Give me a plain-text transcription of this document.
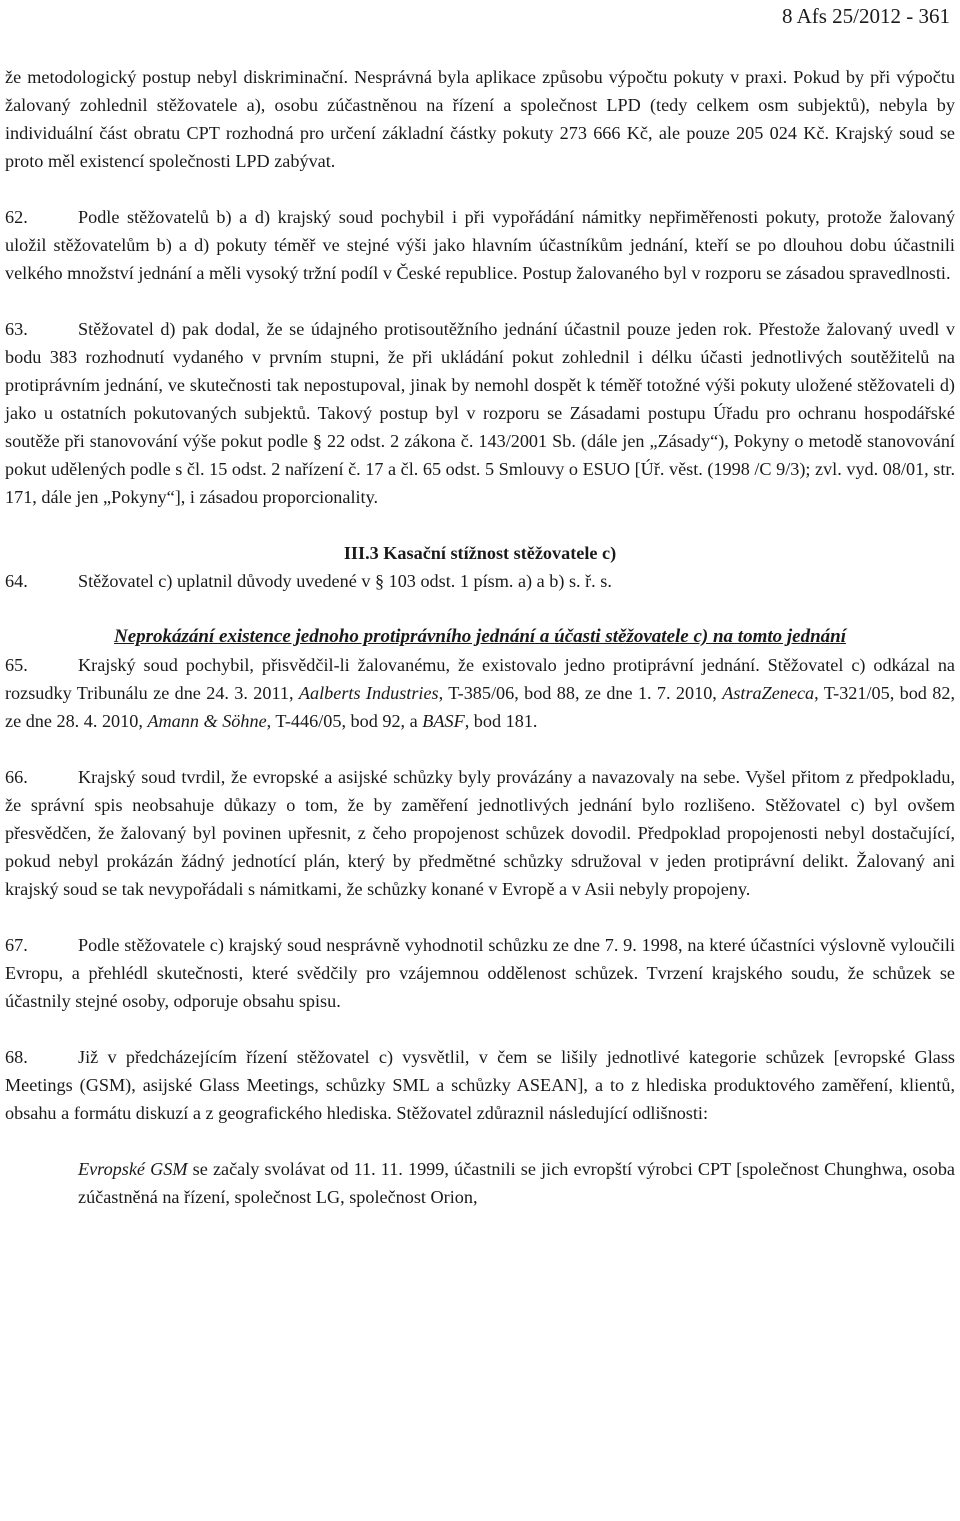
8 Afs 25/2012 - 361

že metodologický postup nebyl diskriminační. Nesprávná byla aplikace způsobu výpočtu pokuty v praxi. Pokud by při výpočtu žalovaný zohlednil stěžovatele a), osobu zúčastněnou na řízení a společnost LPD (tedy celkem osm subjektů), nebyla by individuální část obratu CPT rozhodná pro určení základní částky pokuty 273 666 Kč, ale pouze 205 024 Kč. Krajský soud se proto měl existencí společnosti LPD zabývat.

62.	Podle stěžovatelů b) a d) krajský soud pochybil i při vypořádání námitky nepřiměřenosti pokuty, protože žalovaný uložil stěžovatelům b) a d) pokuty téměř ve stejné výši jako hlavním účastníkům jednání, kteří se po dlouhou dobu účastnili velkého množství jednání a měli vysoký tržní podíl v České republice. Postup žalovaného byl v rozporu se zásadou spravedlnosti.

63.	Stěžovatel d) pak dodal, že se údajného protisoutěžního jednání účastnil pouze jeden rok. Přestože žalovaný uvedl v bodu 383 rozhodnutí vydaného v prvním stupni, že při ukládání pokut zohlednil i délku účasti jednotlivých soutěžitelů na protiprávním jednání, ve skutečnosti tak nepostupoval, jinak by nemohl dospět k téměř totožné výši pokuty uložené stěžovateli d) jako u ostatních pokutovaných subjektů. Takový postup byl v rozporu se Zásadami postupu Úřadu pro ochranu hospodářské soutěže při stanovování výše pokut podle § 22 odst. 2 zákona č. 143/2001 Sb. (dále jen „Zásady“), Pokyny o metodě stanovování pokut udělených podle s čl. 15 odst. 2 nařízení č. 17 a čl. 65 odst. 5 Smlouvy o ESUO [Úř. věst. (1998 /C 9/3); zvl. vyd. 08/01, str. 171, dále jen „Pokyny“], i zásadou proporcionality.

III.3 Kasační stížnost stěžovatele c)

64.	Stěžovatel c) uplatnil důvody uvedené v § 103 odst. 1 písm. a) a b) s. ř. s.

Neprokázání existence jednoho protiprávního jednání a účasti stěžovatele c) na tomto jednání

65.	Krajský soud pochybil, přisvědčil-li žalovanému, že existovalo jedno protiprávní jednání. Stěžovatel c) odkázal na rozsudky Tribunálu ze dne 24. 3. 2011, Aalberts Industries, T-385/06, bod 88, ze dne 1. 7. 2010, AstraZeneca, T-321/05, bod 82, ze dne 28. 4. 2010, Amann & Söhne, T-446/05, bod 92, a BASF, bod 181.

66.	Krajský soud tvrdil, že evropské a asijské schůzky byly provázány a navazovaly na sebe. Vyšel přitom z předpokladu, že správní spis neobsahuje důkazy o tom, že by zaměření jednotlivých jednání bylo rozlišeno. Stěžovatel c) byl ovšem přesvědčen, že žalovaný byl povinen upřesnit, z čeho propojenost schůzek dovodil. Předpoklad propojenosti nebyl dostačující, pokud nebyl prokázán žádný jednotící plán, který by předmětné schůzky sdružoval v jeden protiprávní delikt. Žalovaný ani krajský soud se tak nevypořádali s námitkami, že schůzky konané v Evropě a v Asii nebyly propojeny.

67.	Podle stěžovatele c) krajský soud nesprávně vyhodnotil schůzku ze dne 7. 9. 1998, na které účastníci výslovně vyloučili Evropu, a přehlédl skutečnosti, které svědčily pro vzájemnou oddělenost schůzek. Tvrzení krajského soudu, že schůzek se účastnily stejné osoby, odporuje obsahu spisu.

68.	Již v předcházejícím řízení stěžovatel c) vysvětlil, v čem se lišily jednotlivé kategorie schůzek [evropské Glass Meetings (GSM), asijské Glass Meetings, schůzky SML a schůzky ASEAN], a to z hlediska produktového zaměření, klientů, obsahu a formátu diskuzí a z geografického hlediska. Stěžovatel zdůraznil následující odlišnosti:

Evropské GSM se začaly svolávat od 11. 11. 1999, účastnili se jich evropští výrobci CPT [společnost Chunghwa, osoba zúčastněná na řízení, společnost LG, společnost Orion,
